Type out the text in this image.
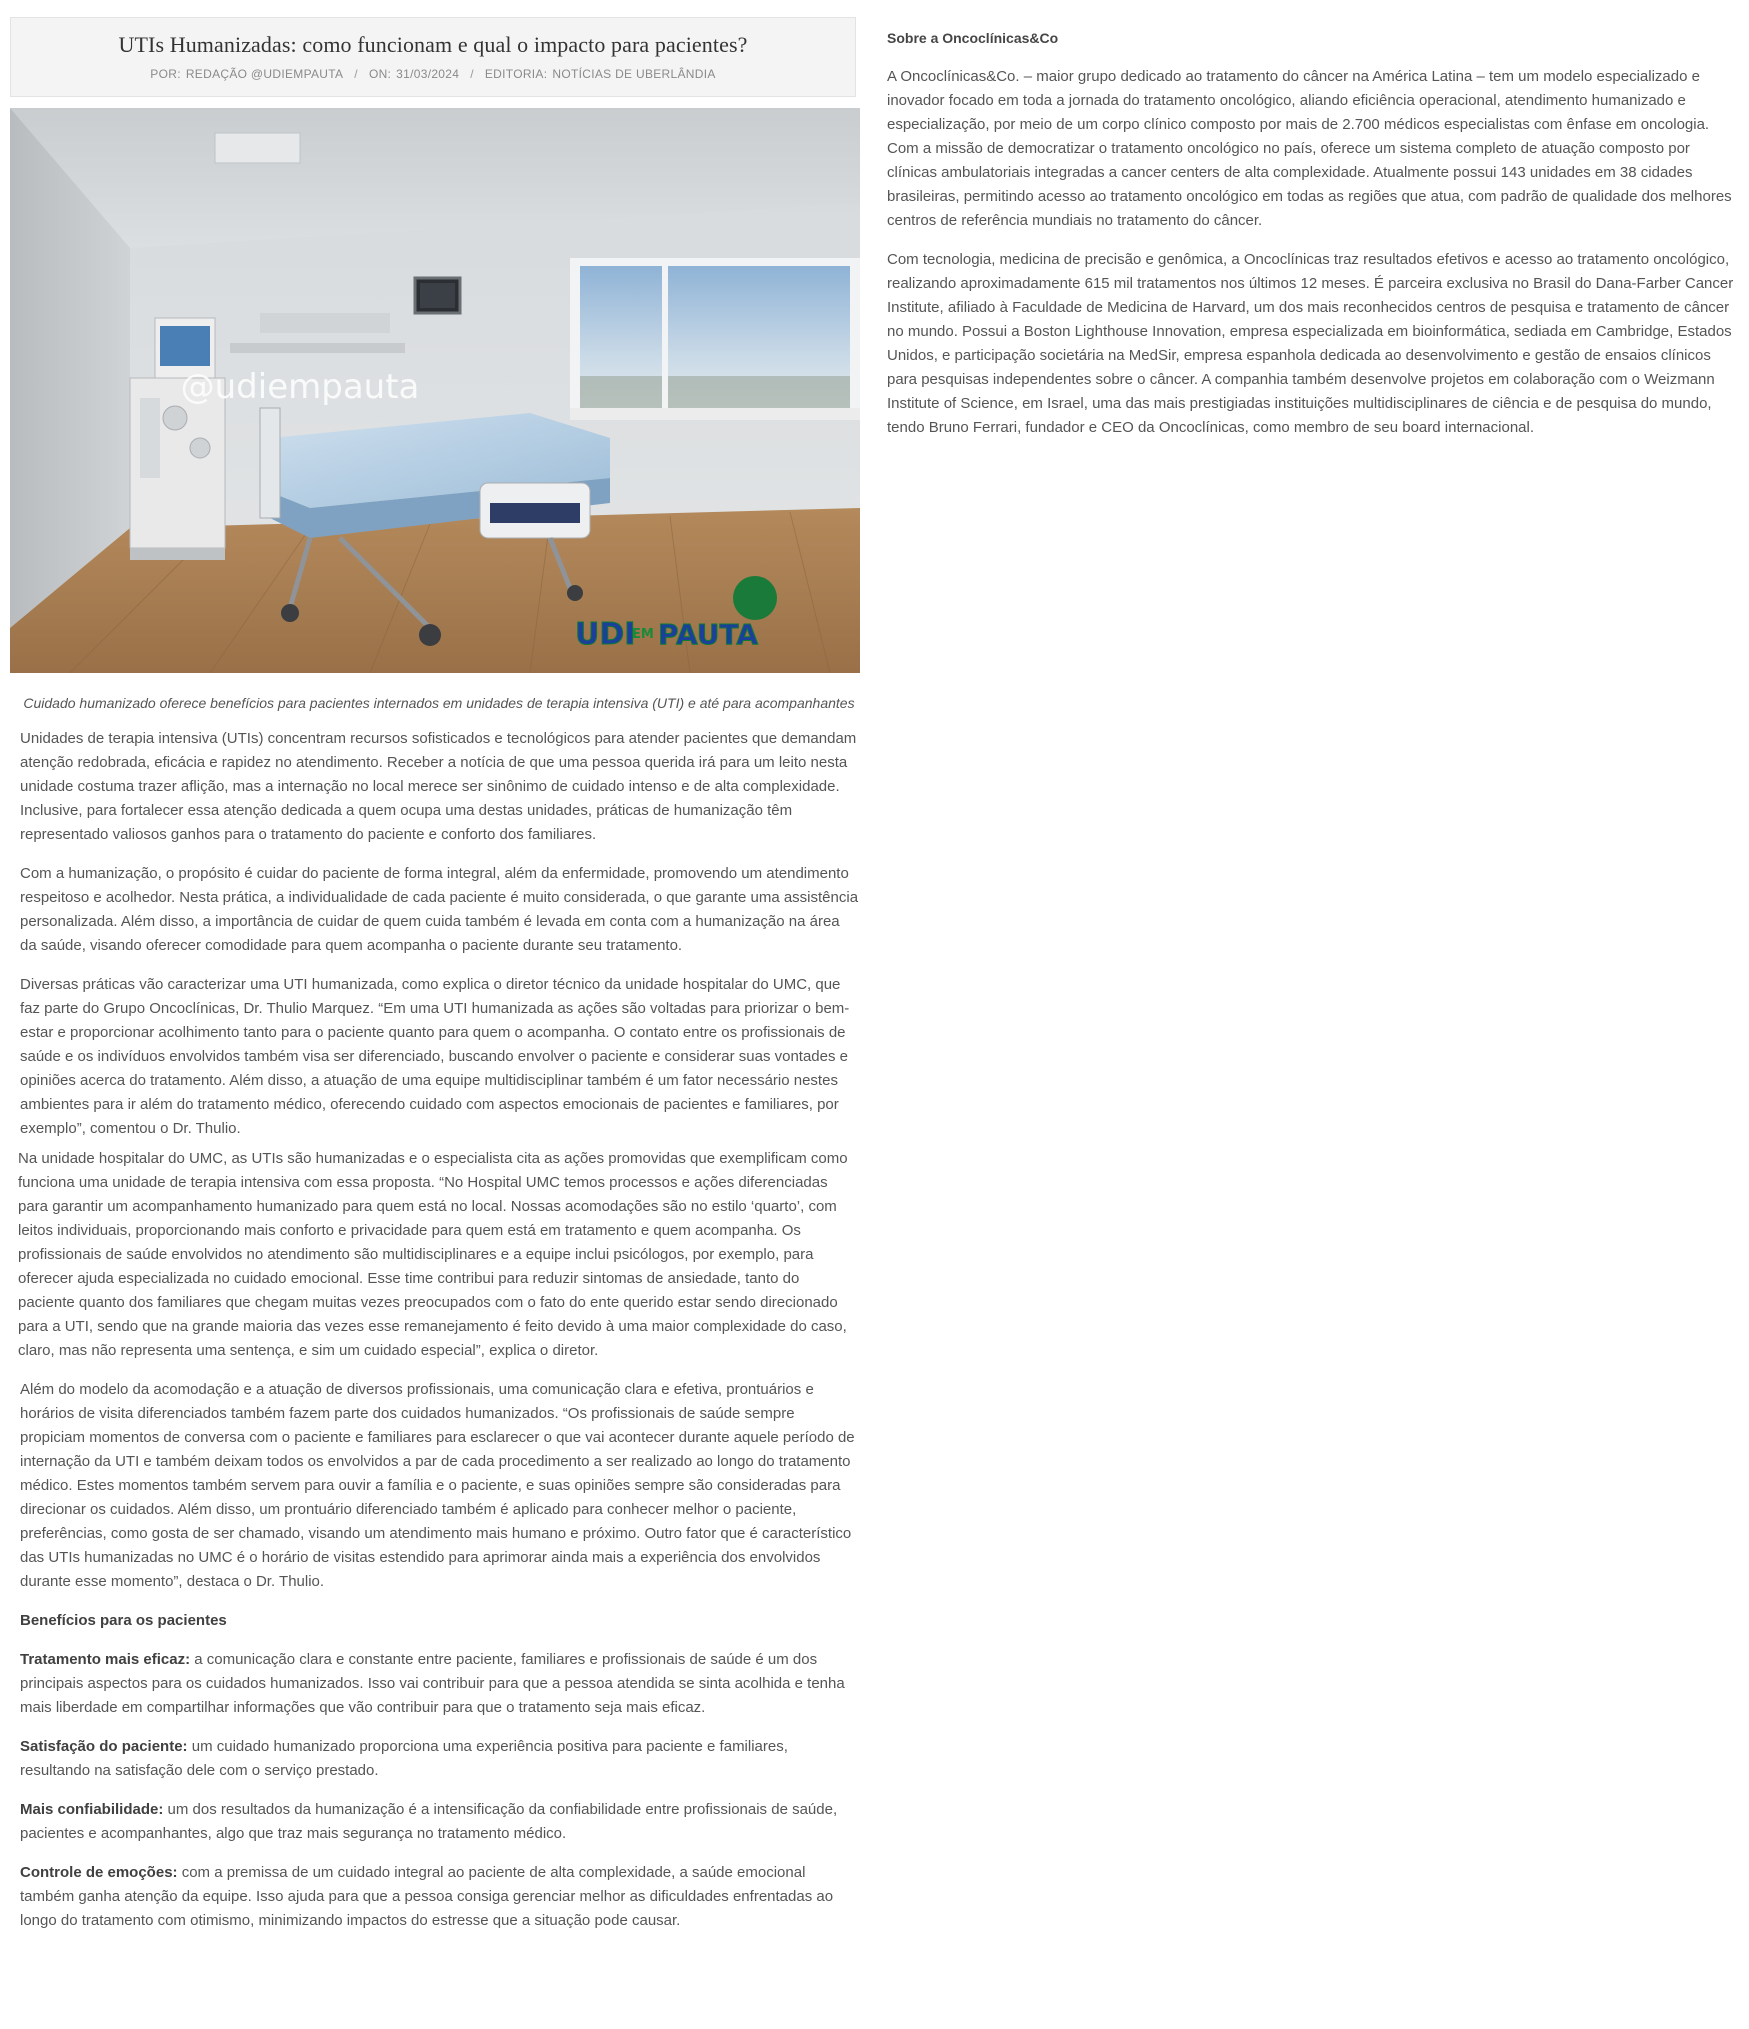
UTIs Humanizadas: como funcionam e qual o impacto para pacientes?
POR: REDAÇÃO @UDIEMPAUTA / ON: 31/03/2024 / EDITORIA: NOTÍCIAS DE UBERLÂNDIA
@udiempauta
UDI
EM PAUTA
Cuidado humanizado oferece benefícios para pacientes internados em unidades de terapia intensiva (UTI) e até para acompanhantes

Unidades de terapia intensiva (UTIs) concentram recursos sofisticados e tecnológicos para atender pacientes que demandam atenção redobrada, eficácia e rapidez no atendimento. Receber a notícia de que uma pessoa querida irá para um leito nesta unidade costuma trazer aflição, mas a internação no local merece ser sinônimo de cuidado intenso e de alta complexidade. Inclusive, para fortalecer essa atenção dedicada a quem ocupa uma destas unidades, práticas de humanização têm representado valiosos ganhos para o tratamento do paciente e conforto dos familiares.

Com a humanização, o propósito é cuidar do paciente de forma integral, além da enfermidade, promovendo um atendimento respeitoso e acolhedor. Nesta prática, a individualidade de cada paciente é muito considerada, o que garante uma assistência personalizada. Além disso, a importância de cuidar de quem cuida também é levada em conta com a humanização na área da saúde, visando oferecer comodidade para quem acompanha o paciente durante seu tratamento.

Diversas práticas vão caracterizar uma UTI humanizada, como explica o diretor técnico da unidade hospitalar do UMC, que faz parte do Grupo Oncoclínicas, Dr. Thulio Marquez. “Em uma UTI humanizada as ações são voltadas para priorizar o bem-estar e proporcionar acolhimento tanto para o paciente quanto para quem o acompanha. O contato entre os profissionais de saúde e os indivíduos envolvidos também visa ser diferenciado, buscando envolver o paciente e considerar suas vontades e opiniões acerca do tratamento. Além disso, a atuação de uma equipe multidisciplinar também é um fator necessário nestes ambientes para ir além do tratamento médico, oferecendo cuidado com aspectos emocionais de pacientes e familiares, por exemplo”, comentou o Dr. Thulio.

Na unidade hospitalar do UMC, as UTIs são humanizadas e o especialista cita as ações promovidas que exemplificam como funciona uma unidade de terapia intensiva com essa proposta. “No Hospital UMC temos processos e ações diferenciadas para garantir um acompanhamento humanizado para quem está no local. Nossas acomodações são no estilo ‘quarto’, com leitos individuais, proporcionando mais conforto e privacidade para quem está em tratamento e quem acompanha. Os profissionais de saúde envolvidos no atendimento são multidisciplinares e a equipe inclui psicólogos, por exemplo, para oferecer ajuda especializada no cuidado emocional. Esse time contribui para reduzir sintomas de ansiedade, tanto do paciente quanto dos familiares que chegam muitas vezes preocupados com o fato do ente querido estar sendo direcionado para a UTI, sendo que na grande maioria das vezes esse remanejamento é feito devido à uma maior complexidade do caso, claro, mas não representa uma sentença, e sim um cuidado especial”, explica o diretor.

Além do modelo da acomodação e a atuação de diversos profissionais, uma comunicação clara e efetiva, prontuários e horários de visita diferenciados também fazem parte dos cuidados humanizados. “Os profissionais de saúde sempre propiciam momentos de conversa com o paciente e familiares para esclarecer o que vai acontecer durante aquele período de internação da UTI e também deixam todos os envolvidos a par de cada procedimento a ser realizado ao longo do tratamento médico. Estes momentos também servem para ouvir a família e o paciente, e suas opiniões sempre são consideradas para direcionar os cuidados. Além disso, um prontuário diferenciado também é aplicado para conhecer melhor o paciente, preferências, como gosta de ser chamado, visando um atendimento mais humano e próximo. Outro fator que é característico das UTIs humanizadas no UMC é o horário de visitas estendido para aprimorar ainda mais a experiência dos envolvidos durante esse momento”, destaca o Dr. Thulio.

Benefícios para os pacientes

Tratamento mais eficaz: a comunicação clara e constante entre paciente, familiares e profissionais de saúde é um dos principais aspectos para os cuidados humanizados. Isso vai contribuir para que a pessoa atendida se sinta acolhida e tenha mais liberdade em compartilhar informações que vão contribuir para que o tratamento seja mais eficaz.

Satisfação do paciente: um cuidado humanizado proporciona uma experiência positiva para paciente e familiares, resultando na satisfação dele com o serviço prestado.

Mais confiabilidade: um dos resultados da humanização é a intensificação da confiabilidade entre profissionais de saúde, pacientes e acompanhantes, algo que traz mais segurança no tratamento médico.

Controle de emoções: com a premissa de um cuidado integral ao paciente de alta complexidade, a saúde emocional também ganha atenção da equipe. Isso ajuda para que a pessoa consiga gerenciar melhor as dificuldades enfrentadas ao longo do tratamento com otimismo, minimizando impactos do estresse que a situação pode causar.

Sobre a Oncoclínicas&Co

A Oncoclínicas&Co. – maior grupo dedicado ao tratamento do câncer na América Latina – tem um modelo especializado e inovador focado em toda a jornada do tratamento oncológico, aliando eficiência operacional, atendimento humanizado e especialização, por meio de um corpo clínico composto por mais de 2.700 médicos especialistas com ênfase em oncologia. Com a missão de democratizar o tratamento oncológico no país, oferece um sistema completo de atuação composto por clínicas ambulatoriais integradas a cancer centers de alta complexidade. Atualmente possui 143 unidades em 38 cidades brasileiras, permitindo acesso ao tratamento oncológico em todas as regiões que atua, com padrão de qualidade dos melhores centros de referência mundiais no tratamento do câncer.

Com tecnologia, medicina de precisão e genômica, a Oncoclínicas traz resultados efetivos e acesso ao tratamento oncológico, realizando aproximadamente 615 mil tratamentos nos últimos 12 meses. É parceira exclusiva no Brasil do Dana-Farber Cancer Institute, afiliado à Faculdade de Medicina de Harvard, um dos mais reconhecidos centros de pesquisa e tratamento de câncer no mundo. Possui a Boston Lighthouse Innovation, empresa especializada em bioinformática, sediada em Cambridge, Estados Unidos, e participação societária na MedSir, empresa espanhola dedicada ao desenvolvimento e gestão de ensaios clínicos para pesquisas independentes sobre o câncer. A companhia também desenvolve projetos em colaboração com o Weizmann Institute of Science, em Israel, uma das mais prestigiadas instituições multidisciplinares de ciência e de pesquisa do mundo, tendo Bruno Ferrari, fundador e CEO da Oncoclínicas, como membro de seu board internacional.
